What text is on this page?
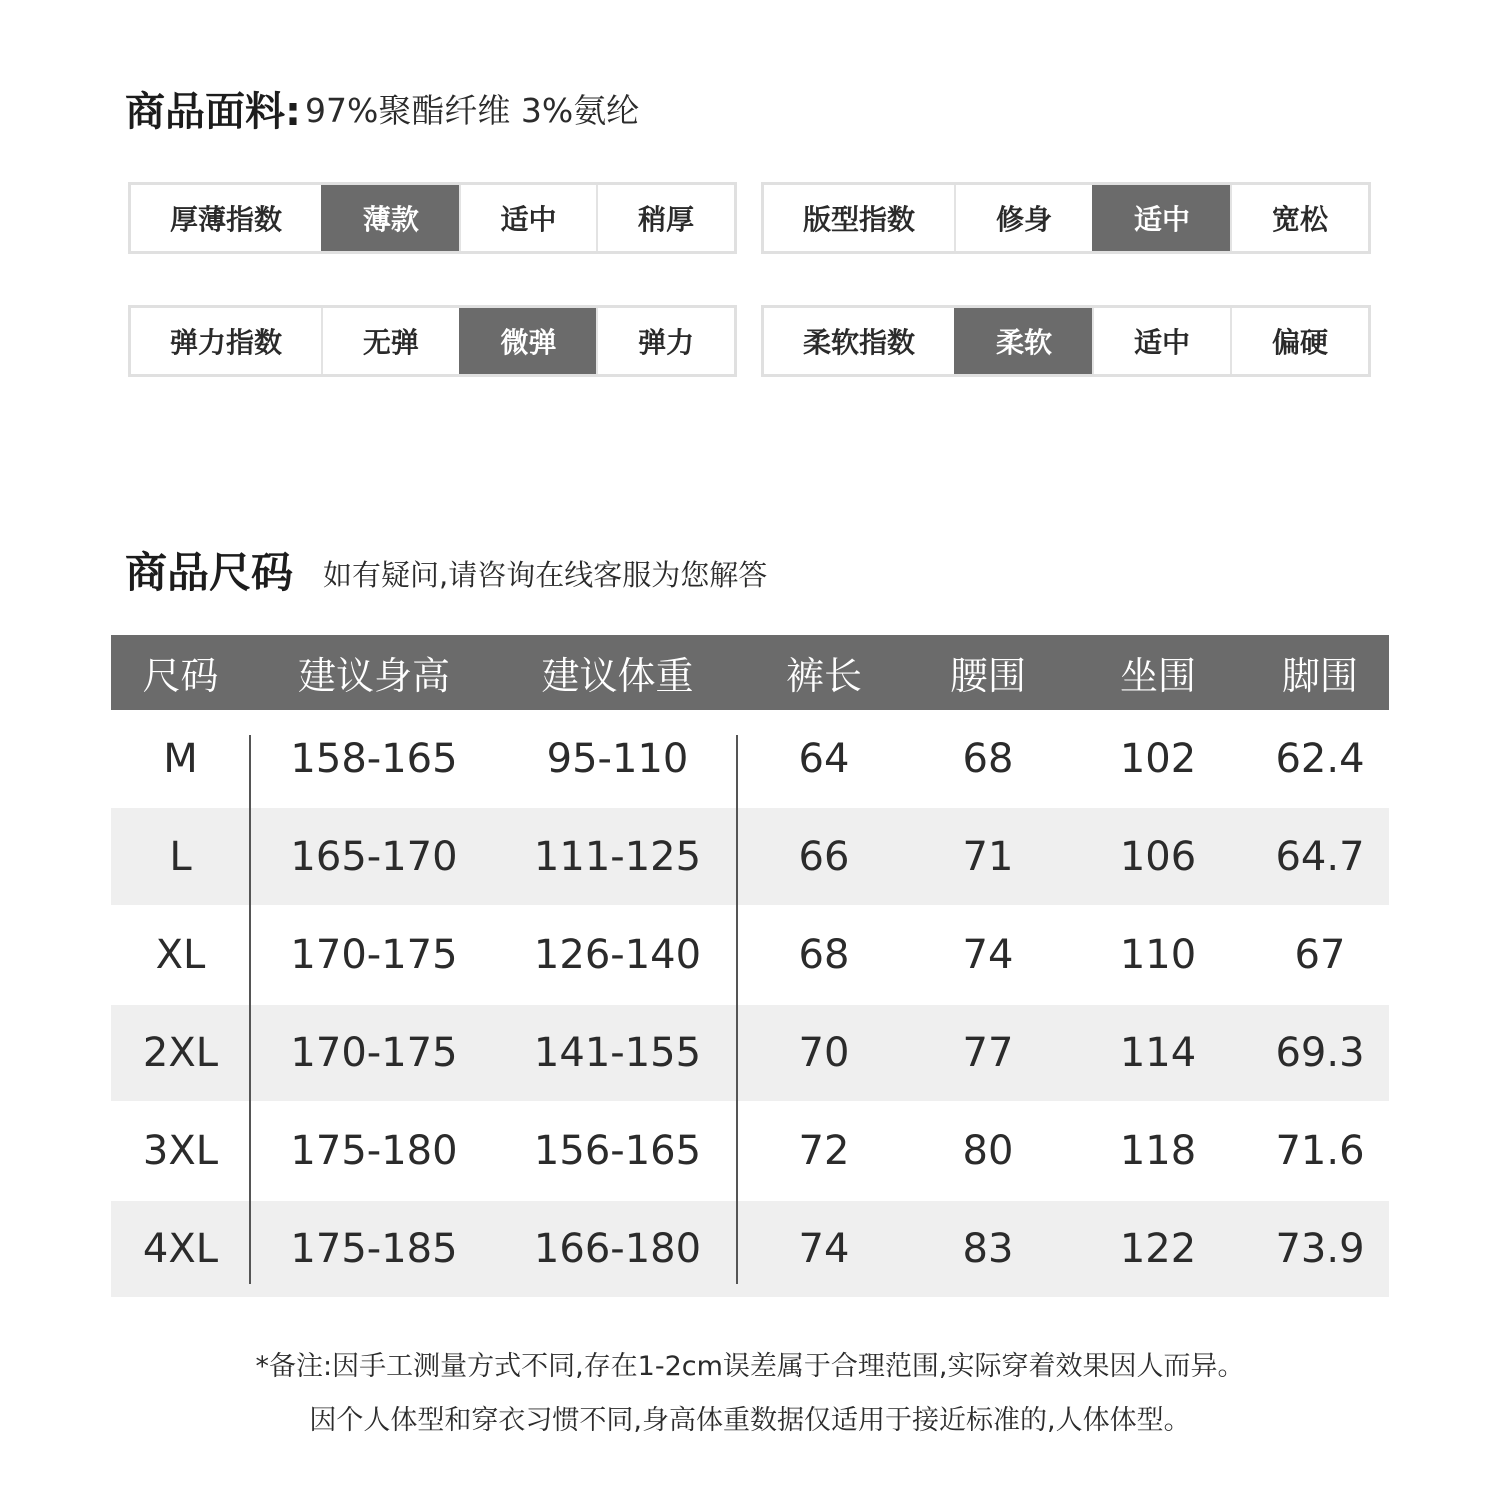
商品面料: 97%聚酯纤维 3%氨纶
厚薄指数	薄款	适中	稍厚	版型指数	修身	适中	宽松
弹力指数	无弹	微弹	弹力	柔软指数	柔软	适中	偏硬
商品尺码 如有疑问,请咨询在线客服为您解答
尺码	建议身高	建议体重	裤长	腰围	坐围	脚围
M	158-165	95-110	64	68	102	62.4
L	165-170	111-125	66	71	106	64.7
XL	170-175	126-140	68	74	110	67
2XL	170-175	141-155	70	77	114	69.3
3XL	175-180	156-165	72	80	118	71.6
4XL	175-185	166-180	74	83	122	73.9
*备注:因手工测量方式不同,存在1-2cm误差属于合理范围,实际穿着效果因人而异。
因个人体型和穿衣习惯不同,身高体重数据仅适用于接近标准的,人体体型。
